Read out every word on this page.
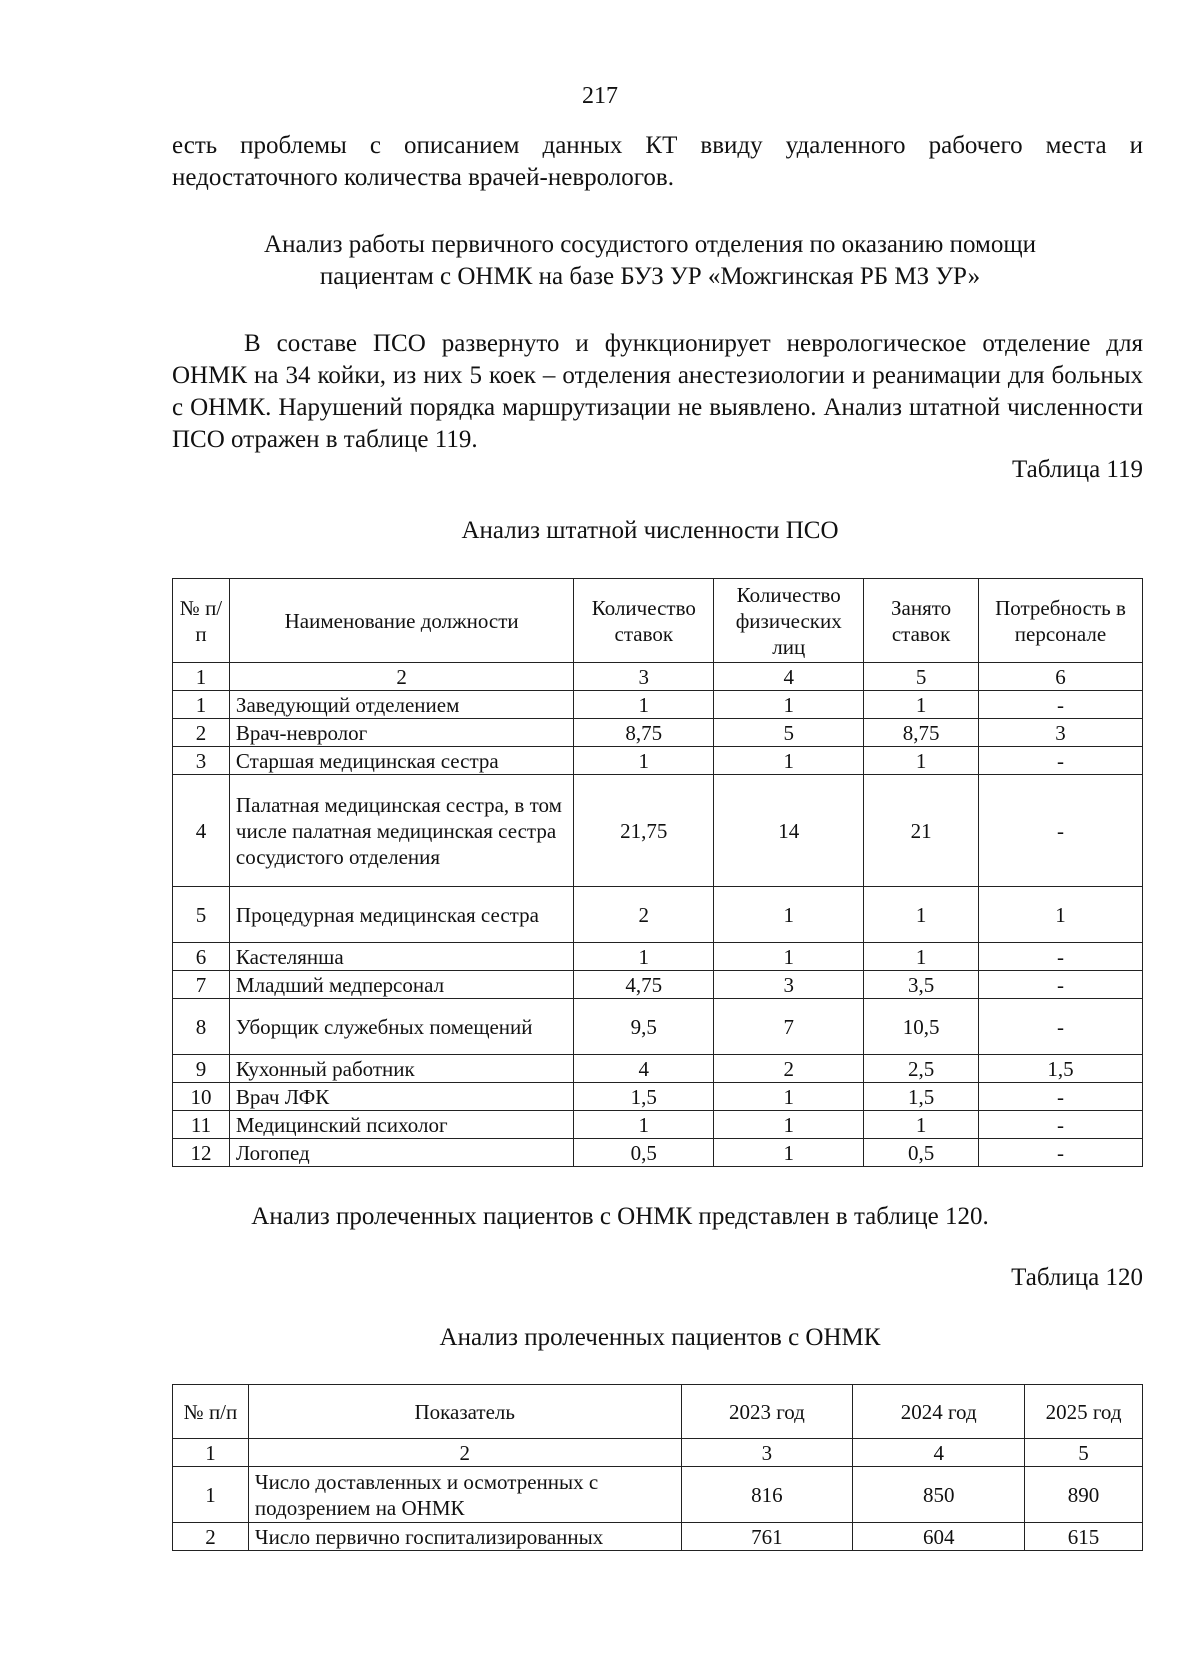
217

есть проблемы с описанием данных КТ ввиду удаленного рабочего места и недостаточного количества врачей-неврологов.

Анализ работы первичного сосудистого отделения по оказанию помощи

пациентам с ОНМК на базе БУЗ УР «Можгинская РБ МЗ УР»

В составе ПСО развернуто и функционирует неврологическое отделение для ОНМК на 34 койки, из них 5 коек – отделения анестезиологии и реанимации для больных с ОНМК. Нарушений порядка маршрутизации не выявлено. Анализ штатной численности ПСО отражен в таблице 119.

Таблица 119

Анализ штатной численности ПСО

№ п/п	Наименование должности	Количество ставок	Количество физических лиц	Занято ставок	Потребность в персонале
1	2	3	4	5	6
1	Заведующий отделением	1	1	1	-
2	Врач-невролог	8,75	5	8,75	3
3	Старшая медицинская сестра	1	1	1	-
4	Палатная медицинская сестра, в том числе палатная медицинская сестра сосудистого отделения	21,75	14	21	-
5	Процедурная медицинская сестра	2	1	1	1
6	Кастелянша	1	1	1	-
7	Младший медперсонал	4,75	3	3,5	-
8	Уборщик служебных помещений	9,5	7	10,5	-
9	Кухонный работник	4	2	2,5	1,5
10	Врач ЛФК	1,5	1	1,5	-
11	Медицинский психолог	1	1	1	-
12	Логопед	0,5	1	0,5	-

Анализ пролеченных пациентов с ОНМК представлен в таблице 120.

Таблица 120

Анализ пролеченных пациентов с ОНМК

№ п/п	Показатель	2023 год	2024 год	2025 год
1	2	3	4	5
1	Число доставленных и осмотренных с подозрением на ОНМК	816	850	890
2	Число первично госпитализированных	761	604	615
